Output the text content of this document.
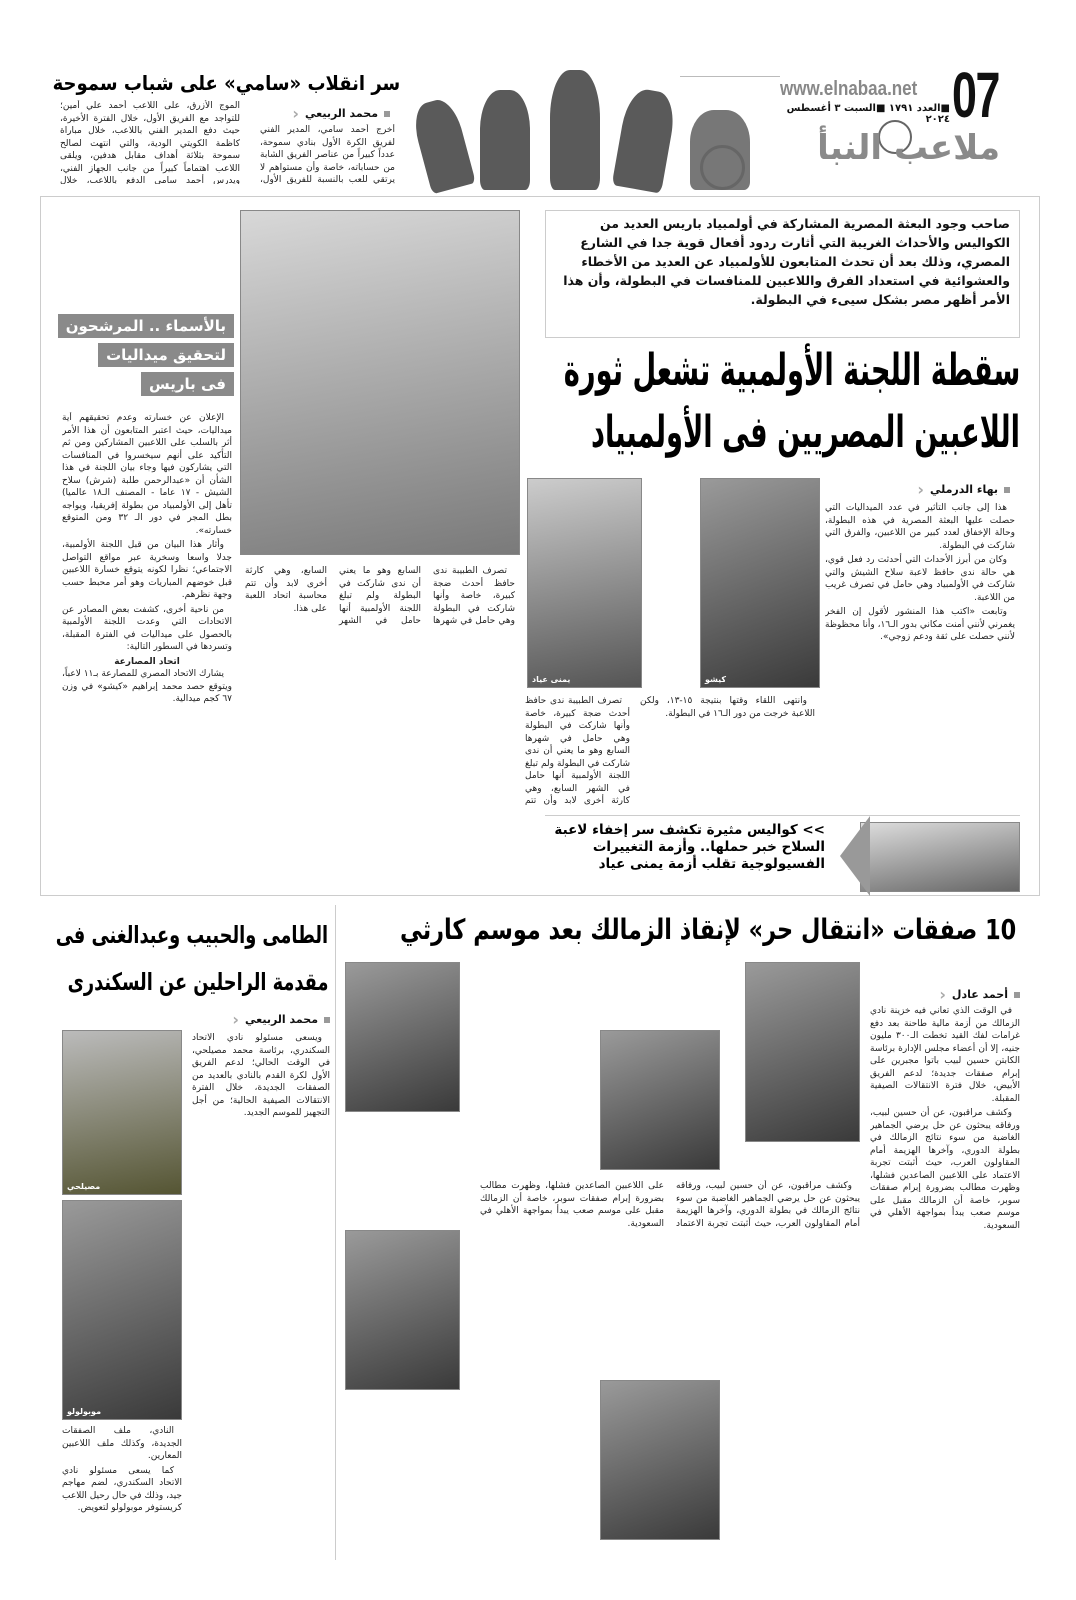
07
www.elnabaa.net
■العدد ١٧٩١ ■السبت ٣ أغسطس ٢٠٢٤
ملاعب النبأ
سر انقلاب «سامي» على شباب سموحة
محمد الربيعي
‹
أخرج أحمد سامي، المدير الفني لفريق الكرة الأول بنادي سموحة، عدداً كبيراً من عناصر الفريق الشابة من حساباته، خاصة وأن مستواهم لا يرتقي للعب بالنسبة للفريق الأول،
الموج الأزرق، على اللاعب أحمد علي أمين؛ للتواجد مع الفريق الأول، خلال الفترة الأخيرة، حيث دفع المدير الفني باللاعب، خلال مباراة كاظمة الكويتي الودية، والتي انتهت لصالح سموحة بثلاثة أهداف مقابل هدفين، ويلقى اللاعب اهتماماً كبيراً من جانب الجهاز الفني، ويدرس أحمد سامي الدفع باللاعب، خلال
صاحب وجود البعثة المصرية المشاركة في أولمبياد باريس العديد من الكواليس والأحداث الغريبة التي أثارت ردود أفعال قوية جدا في الشارع المصري، وذلك بعد أن تحدث المتابعون للأولمبياد عن العديد من الأخطاء والعشوائية في استعداد الفرق واللاعبين للمنافسات في البطولة، وأن هذا الأمر أظهر مصر بشكل سيىء في البطولة.
سقطة اللجنة الأولمبية تشعل ثورة
اللاعبين المصريين فى الأولمبياد
بالأسماء .. المرشحون
لتحقيق ميداليات
فى باريس

الإعلان عن خسارته وعدم تحقيقهم أية ميداليات، حيث اعتبر المتابعون أن هذا الأمر أثر بالسلب على اللاعبين المشاركين ومن ثم التأكيد على أنهم سيخسروا في المنافسات التي يشاركون فيها وجاء بيان اللجنة في هذا الشأن أن «عبدالرحمن طلبة (شرش) سلاح الشيش - ١٧ عاما - المصنف الـ١٨ عالميا) تأهل إلى الأولمبياد من بطولة إفريقيا، ويواجه بطل المجر في دور الـ ٣٢ ومن المتوقع خسارته».

وأثار هذا البيان من قبل اللجنة الأولمبية، جدلا واسعا وسخرية عبر مواقع التواصل الاجتماعي؛ نظرا لكونه يتوقع خسارة اللاعبين قبل خوضهم المباريات وهو أمر محبط حسب وجهة نظرهم.

من ناحية أخرى، كشفت بعض المصادر عن الاتحادات التي وعدت اللجنة الأولمبية بالحصول على ميداليات في الفترة المقبلة، وتسردها في السطور التالية:

اتحاد المصارعة

يشارك الاتحاد المصري للمصارعة بـ١١ لاعباً، ويتوقع حصد محمد إبراهيم «كيشو» في وزن ٦٧ كجم ميدالية.

بهاء الدرملي
‹
كيشو
يمنى عياد

هذا إلى جانب التأثير في عدد الميداليات التي حصلت عليها البعثة المصرية في هذه البطولة، وحالة الإخفاق لعدد كبير من اللاعبين، والفرق التي شاركت في البطولة.

وكان من أبرز الأحداث التي أحدثت رد فعل قوي، هي حالة ندى حافظ لاعبة سلاح الشيش والتي شاركت في الأولمبياد وهي حامل في تصرف غريب من اللاعبة.

وتابعت «اكتب هذا المنشور لأقول إن الفخر يغمرني لأنني أمنت مكاني بدور الـ١٦، وأنا محظوظة لأنني حصلت على ثقة ودعم زوجي».

وانتهى اللقاء وقتها بنتيجة ١٥-١٣، ولكن اللاعبة خرجت من دور الـ١٦ في البطولة.

تصرف الطبيبة ندى حافظ أحدث ضجة كبيرة، خاصة وأنها شاركت في البطولة وهي حامل في شهرها السابع وهو ما يعني أن ندى شاركت في البطولة ولم تبلغ اللجنة الأولمبية أنها حامل في الشهر السابع، وهي كارثة أخرى لابد وأن تتم

تصرف الطبيبة ندى حافظ أحدث ضجة كبيرة، خاصة وأنها شاركت في البطولة وهي حامل في شهرها السابع وهو ما يعني أن ندى شاركت في البطولة ولم تبلغ اللجنة الأولمبية أنها حامل في الشهر السابع، وهي كارثة أخرى لابد وأن تتم محاسبة اتحاد اللعبة على هذا.

>> كواليس مثيرة تكشف سر إخفاء لاعبة السلاح خبر حملها.. وأزمة التغييرات الفسيولوجية تقلب أزمة يمنى عياد
10 صفقات «انتقال حر» لإنقاذ الزمالك بعد موسم كارثي
أحمد عادل
‹

في الوقت الذي تعاني فيه خزينة نادي الزمالك من أزمة مالية طاحنة بعد دفع غرامات لفك القيد تخطت الـ٣٠٠ مليون جنيه، إلا أن أعضاء مجلس الإدارة برئاسة الكابتن حسين لبيب باتوا مجبرين على إبرام صفقات جديدة؛ لدعم الفريق الأبيض، خلال فترة الانتقالات الصيفية المقبلة.

وكشف مراقبون، عن أن حسين لبيب، ورفاقه يبحثون عن حل يرضي الجماهير الغاضبة من سوء نتائج الزمالك في بطولة الدوري، وآخرها الهزيمة أمام المقاولون العرب، حيث أثبتت تجربة الاعتماد على اللاعبين الصاعدين فشلها، وظهرت مطالب بضرورة إبرام صفقات سوبر، خاصة أن الزمالك مقبل على موسم صعب يبدأ بمواجهة الأهلي في السعودية.

وكشف مراقبون، عن أن حسين لبيب، ورفاقه يبحثون عن حل يرضي الجماهير الغاضبة من سوء نتائج الزمالك في بطولة الدوري، وآخرها الهزيمة أمام المقاولون العرب، حيث أثبتت تجربة الاعتماد على اللاعبين الصاعدين فشلها، وظهرت مطالب بضرورة إبرام صفقات سوبر، خاصة أن الزمالك مقبل على موسم صعب يبدأ بمواجهة الأهلي في السعودية.

الطامى والحبيب وعبدالغنى فى
مقدمة الراحلين عن السكندرى
محمد الربيعي
‹
مصيلحي
موبولولو

ويسعى مسئولو نادي الاتحاد السكندري، برئاسة محمد مصيلحي، في الوقت الحالي؛ لدعم الفريق الأول لكرة القدم بالنادي بالعديد من الصفقات الجديدة، خلال الفترة الانتقالات الصيفية الحالية؛ من أجل التجهيز للموسم الجديد.

النادي، ملف الصفقات الجديدة، وكذلك ملف اللاعبين المعارين.

كما يسعى مسئولو نادي الاتحاد السكندري، لضم مهاجم جيد، وذلك في حال رحيل اللاعب كريستوفر موبولولو لتعويض.
